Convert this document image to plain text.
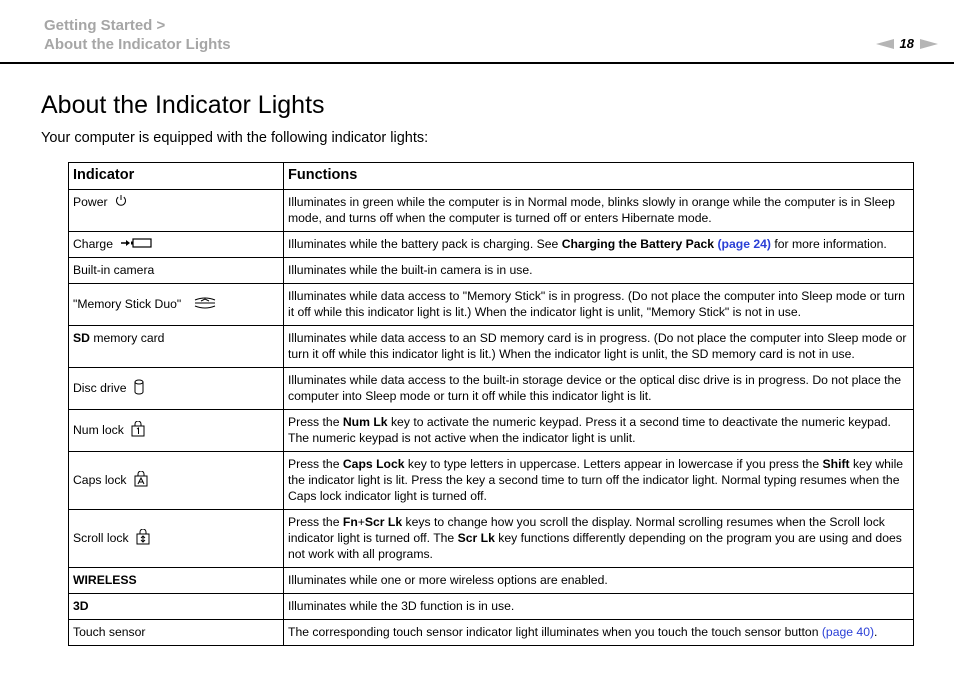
Getting Started >
About the Indicator Lights	18
About the Indicator Lights

Your computer is equipped with the following indicator lights:

Indicator	Functions
Power	Illuminates in green while the computer is in Normal mode, blinks slowly in orange while the computer is in Sleep mode, and turns off when the computer is turned off or enters Hibernate mode.
Charge	Illuminates while the battery pack is charging. See Charging the Battery Pack (page 24) for more information.
Built-in camera	Illuminates while the built-in camera is in use.
"Memory Stick Duo"	Illuminates while data access to "Memory Stick" is in progress. (Do not place the computer into Sleep mode or turn it off while this indicator light is lit.) When the indicator light is unlit, "Memory Stick" is not in use.
SD memory card	Illuminates while data access to an SD memory card is in progress. (Do not place the computer into Sleep mode or turn it off while this indicator light is lit.) When the indicator light is unlit, the SD memory card is not in use.
Disc drive	Illuminates while data access to the built-in storage device or the optical disc drive is in progress. Do not place the computer into Sleep mode or turn it off while this indicator light is lit.
Num lock	Press the Num Lk key to activate the numeric keypad. Press it a second time to deactivate the numeric keypad. The numeric keypad is not active when the indicator light is unlit.
Caps lock	Press the Caps Lock key to type letters in uppercase. Letters appear in lowercase if you press the Shift key while the indicator light is lit. Press the key a second time to turn off the indicator light. Normal typing resumes when the Caps lock indicator light is turned off.
Scroll lock	Press the Fn+Scr Lk keys to change how you scroll the display. Normal scrolling resumes when the Scroll lock indicator light is turned off. The Scr Lk key functions differently depending on the program you are using and does not work with all programs.
WIRELESS	Illuminates while one or more wireless options are enabled.
3D	Illuminates while the 3D function is in use.
Touch sensor	The corresponding touch sensor indicator light illuminates when you touch the touch sensor button (page 40).
